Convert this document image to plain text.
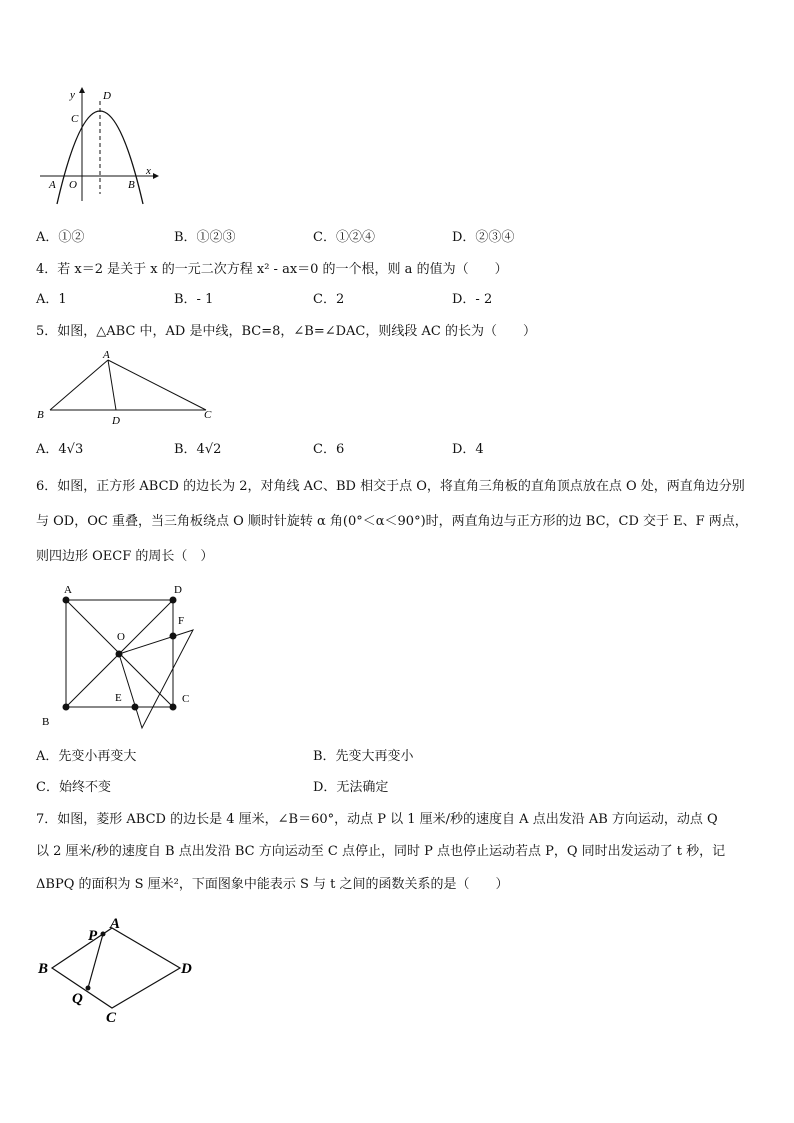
y
x
D
C
A O	B
A．①②	B．①②③	C．①②④	D．②③④
4．若 x＝2 是关于 x 的一元二次方程 x² - ax＝0 的一个根，则 a 的值为（　　）
A．1	B．- 1	C．2	D．- 2
5．如图，△ABC 中，AD 是中线，BC=8，∠B=∠DAC，则线段 AC 的长为（　　）
A
B	C
D
A．4√3	B．4√2	C．6	D．4
6．如图，正方形 ABCD 的边长为 2，对角线 AC、BD 相交于点 O，将直角三角板的直角顶点放在点 O 处，两直角边分别
与 OD，OC 重叠，当三角板绕点 O 顺时针旋转 α 角(0°＜α＜90°)时，两直角边与正方形的边 BC，CD 交于 E、F 两点，
则四边形 OECF 的周长（　）
A	D
B
C
O
E
F
A．先变小再变大	B．先变大再变小
C．始终不变	D．无法确定
7．如图，菱形 ABCD 的边长是 4 厘米，∠B＝60°，动点 P 以 1 厘米/秒的速度自 A 点出发沿 AB 方向运动，动点 Q
以 2 厘米/秒的速度自 B 点出发沿 BC 方向运动至 C 点停止，同时 P 点也停止运动若点 P，Q 同时出发运动了 t 秒，记
ΔBPQ 的面积为 S 厘米²，下面图象中能表示 S 与 t 之间的函数关系的是（　　）
A
P
B	D
Q
C
